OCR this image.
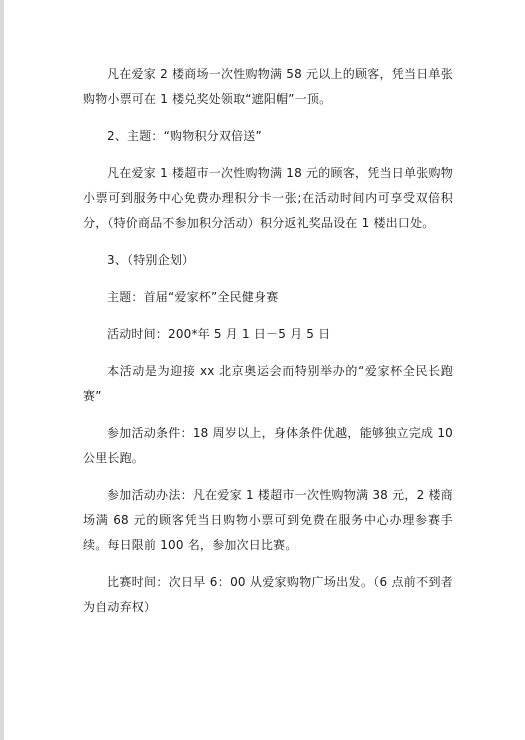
凡在爱家 2 楼商场一次性购物满 58 元以上的顾客，凭当日单张购物小票可在 1 楼兑奖处领取“遮阳帽”一顶。

2、主题：“购物积分双倍送”

凡在爱家 1 楼超市一次性购物满 18 元的顾客，凭当日单张购物小票可到服务中心免费办理积分卡一张;在活动时间内可享受双倍积分，（特价商品不参加积分活动）积分返礼奖品设在 1 楼出口处。

3、（特别企划）

主题：首届“爱家杯”全民健身赛

活动时间：200*年 5 月 1 日－5 月 5 日

本活动是为迎接 xx 北京奥运会而特别举办的“爱家杯全民长跑赛”

参加活动条件：18 周岁以上，身体条件优越，能够独立完成 10 公里长跑。

参加活动办法：凡在爱家 1 楼超市一次性购物满 38 元，2 楼商场满 68 元的顾客凭当日购物小票可到免费在服务中心办理参赛手续。每日限前 100 名，参加次日比赛。

比赛时间：次日早 6：00 从爱家购物广场出发。（6 点前不到者为自动弃权）
